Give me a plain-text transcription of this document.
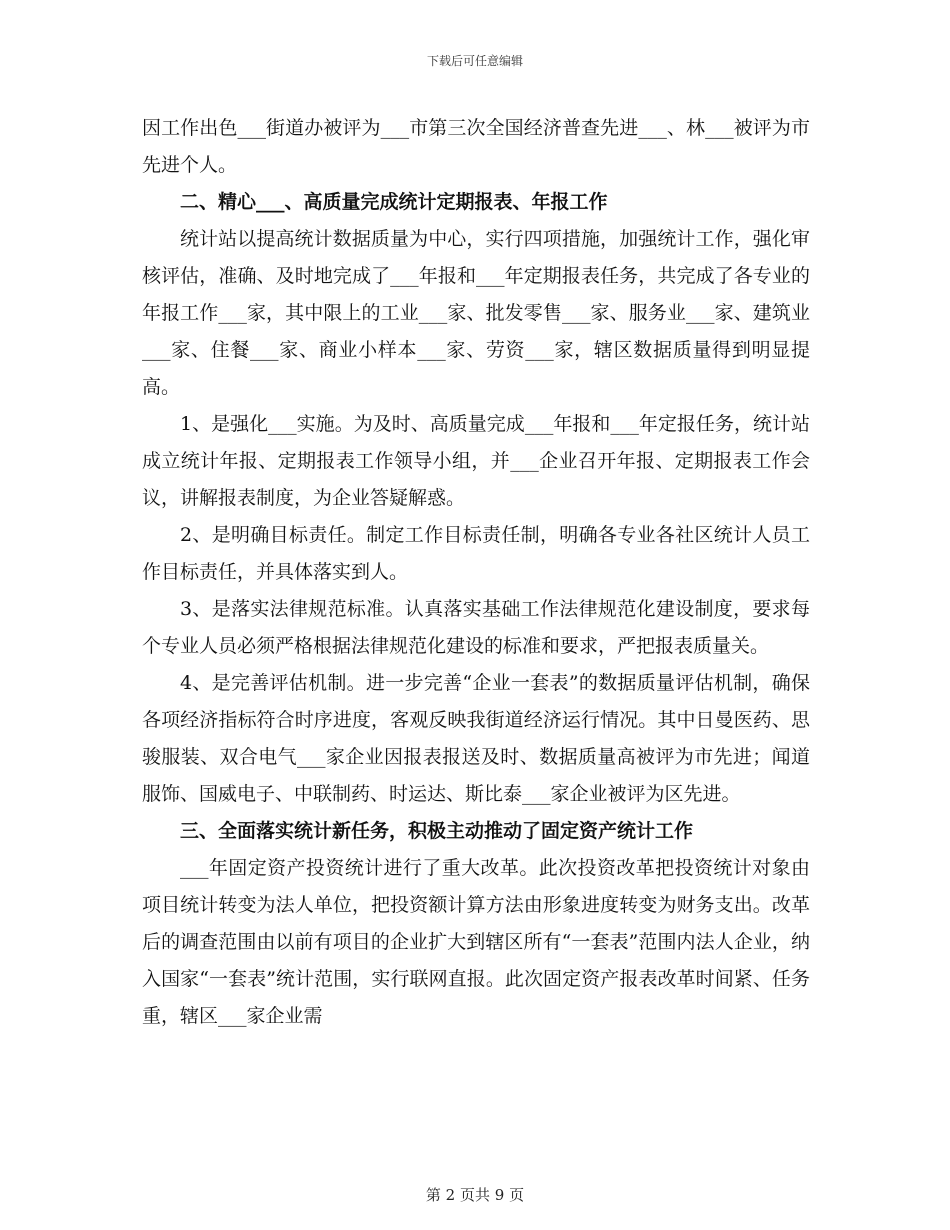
下载后可任意编辑

因工作出色___街道办被评为___市第三次全国经济普查先进___、林___被评为市先进个人。

二、精心___、高质量完成统计定期报表、年报工作

统计站以提高统计数据质量为中心，实行四项措施，加强统计工作，强化审核评估，准确、及时地完成了___年报和___年定期报表任务，共完成了各专业的年报工作___家，其中限上的工业___家、批发零售___家、服务业___家、建筑业___家、住餐___家、商业小样本___家、劳资___家，辖区数据质量得到明显提高。

1、是强化___实施。为及时、高质量完成___年报和___年定报任务，统计站成立统计年报、定期报表工作领导小组，并___企业召开年报、定期报表工作会议，讲解报表制度，为企业答疑解惑。

2、是明确目标责任。制定工作目标责任制，明确各专业各社区统计人员工作目标责任，并具体落实到人。

3、是落实法律规范标准。认真落实基础工作法律规范化建设制度，要求每个专业人员必须严格根据法律规范化建设的标准和要求，严把报表质量关。

4、是完善评估机制。进一步完善“企业一套表”的数据质量评估机制，确保各项经济指标符合时序进度，客观反映我街道经济运行情况。其中日曼医药、思骏服装、双合电气___家企业因报表报送及时、数据质量高被评为市先进；闻道服饰、国威电子、中联制药、时运达、斯比泰___家企业被评为区先进。

三、全面落实统计新任务，积极主动推动了固定资产统计工作

___年固定资产投资统计进行了重大改革。此次投资改革把投资统计对象由项目统计转变为法人单位，把投资额计算方法由形象进度转变为财务支出。改革后的调查范围由以前有项目的企业扩大到辖区所有“一套表”范围内法人企业，纳入国家“一套表”统计范围，实行联网直报。此次固定资产报表改革时间紧、任务重，辖区___家企业需

第 2 页共 9 页
